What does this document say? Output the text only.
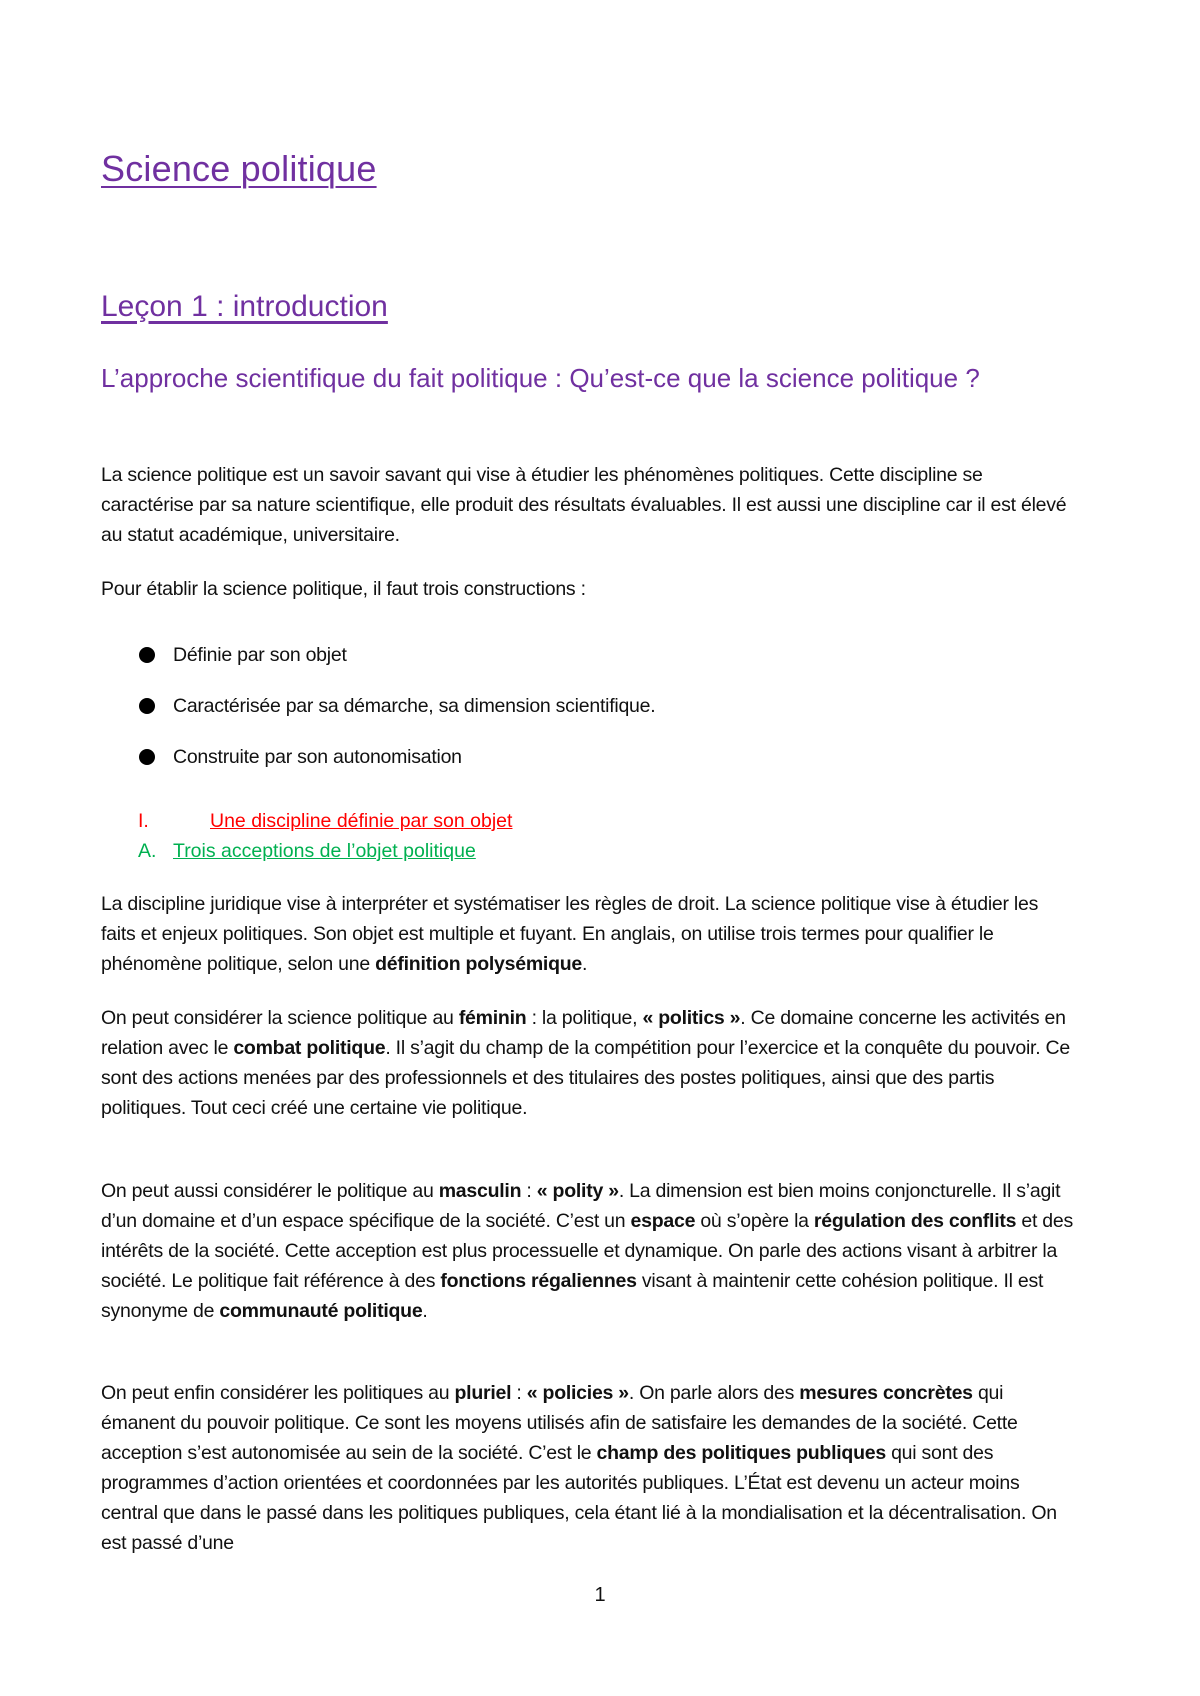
Science politique
Leçon 1 : introduction
L’approche scientifique du fait politique : Qu’est-ce que la science politique ?

La science politique est un savoir savant qui vise à étudier les phénomènes politiques. Cette discipline se caractérise par sa nature scientifique, elle produit des résultats évaluables. Il est aussi une discipline car il est élevé au statut académique, universitaire.

Pour établir la science politique, il faut trois constructions :

Définie par son objet
Caractérisée par sa démarche, sa dimension scientifique.
Construite par son autonomisation
I.	Une discipline définie par son objet
A. Trois acceptions de l’objet politique

La discipline juridique vise à interpréter et systématiser les règles de droit. La science politique vise à étudier les faits et enjeux politiques. Son objet est multiple et fuyant. En anglais, on utilise trois termes pour qualifier le phénomène politique, selon une définition polysémique.

On peut considérer la science politique au féminin : la politique, « politics ». Ce domaine concerne les activités en relation avec le combat politique. Il s’agit du champ de la compétition pour l’exercice et la conquête du pouvoir. Ce sont des actions menées par des professionnels et des titulaires des postes politiques, ainsi que des partis politiques. Tout ceci créé une certaine vie politique.

On peut aussi considérer le politique au masculin : « polity ». La dimension est bien moins conjoncturelle. Il s’agit d’un domaine et d’un espace spécifique de la société. C’est un espace où s’opère la régulation des conflits et des intérêts de la société. Cette acception est plus processuelle et dynamique. On parle des actions visant à arbitrer la société. Le politique fait référence à des fonctions régaliennes visant à maintenir cette cohésion politique. Il est synonyme de communauté politique.

On peut enfin considérer les politiques au pluriel : « policies ». On parle alors des mesures concrètes qui émanent du pouvoir politique. Ce sont les moyens utilisés afin de satisfaire les demandes de la société. Cette acception s’est autonomisée au sein de la société. C’est le champ des politiques publiques qui sont des programmes d’action orientées et coordonnées par les autorités publiques. L’État est devenu un acteur moins central que dans le passé dans les politiques publiques, cela étant lié à la mondialisation et la décentralisation. On est passé d’une

1
